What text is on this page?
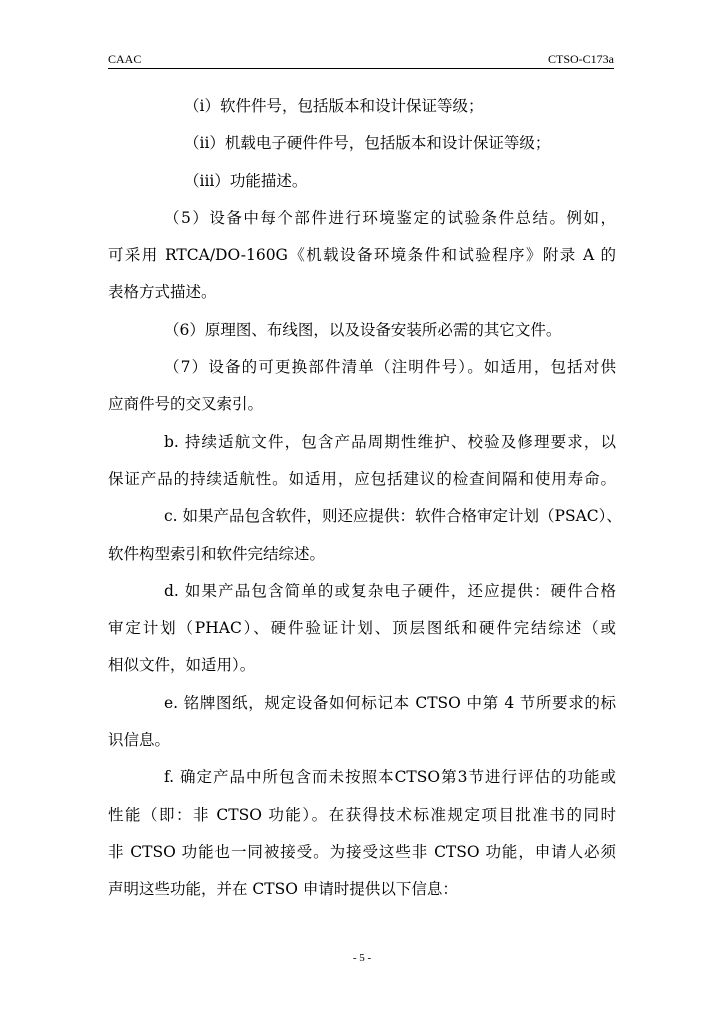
CAAC	CTSO-C173a
（i）软件件号，包括版本和设计保证等级；
（ii）机载电子硬件件号，包括版本和设计保证等级；
（iii）功能描述。
（5）设备中每个部件进行环境鉴定的试验条件总结。例如，
可采用 RTCA/DO-160G《机载设备环境条件和试验程序》附录 A 的
表格方式描述。
（6）原理图、布线图，以及设备安装所必需的其它文件。
（7）设备的可更换部件清单（注明件号）。如适用，包括对供
应商件号的交叉索引。
b. 持续适航文件，包含产品周期性维护、校验及修理要求，以
保证产品的持续适航性。如适用，应包括建议的检查间隔和使用寿命。
c. 如果产品包含软件，则还应提供：软件合格审定计划（PSAC）、
软件构型索引和软件完结综述。
d. 如果产品包含简单的或复杂电子硬件，还应提供：硬件合格
审定计划（PHAC）、硬件验证计划、顶层图纸和硬件完结综述（或
相似文件，如适用）。
e. 铭牌图纸，规定设备如何标记本 CTSO 中第 4 节所要求的标
识信息。
f. 确定产品中所包含而未按照本CTSO第3节进行评估的功能或
性能（即：非 CTSO 功能）。在获得技术标准规定项目批准书的同时
非 CTSO 功能也一同被接受。为接受这些非 CTSO 功能，申请人必须
声明这些功能，并在 CTSO 申请时提供以下信息：
- 5 -
